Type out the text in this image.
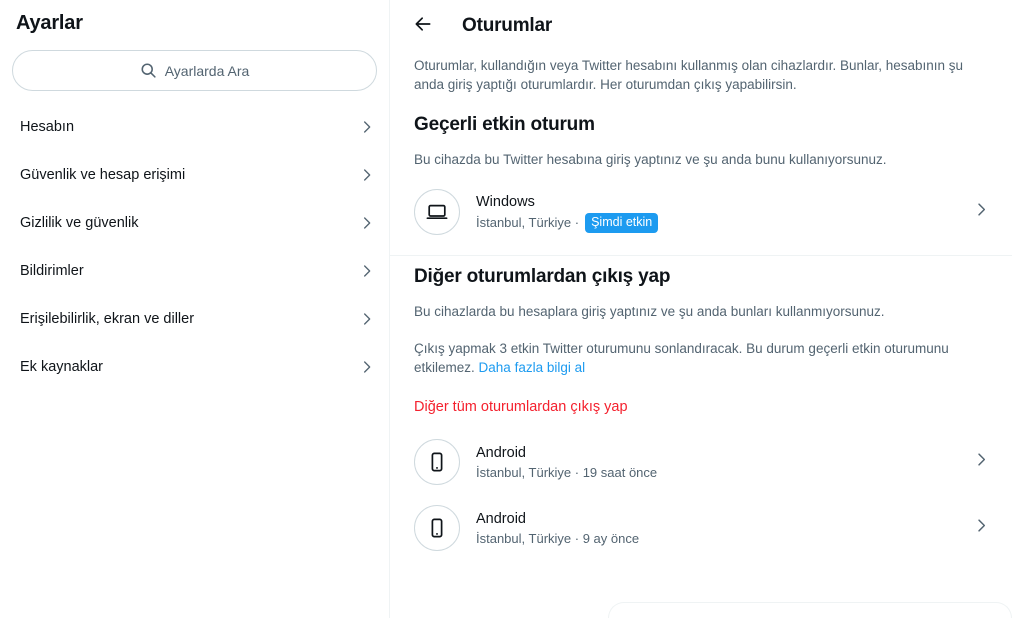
Ayarlar
Ayarlarda Ara
Hesabın
Güvenlik ve hesap erişimi
Gizlilik ve güvenlik
Bildirimler
Erişilebilirlik, ekran ve diller
Ek kaynaklar
Oturumlar
Oturumlar, kullandığın veya Twitter hesabını kullanmış olan cihazlardır. Bunlar, hesabının şu anda giriş yaptığı oturumlardır. Her oturumdan çıkış yapabilirsin.
Geçerli etkin oturum
Bu cihazda bu Twitter hesabına giriş yaptınız ve şu anda bunu kullanıyorsunuz.
Windows
İstanbul, Türkiye · Şimdi etkin
Diğer oturumlardan çıkış yap
Bu cihazlarda bu hesaplara giriş yaptınız ve şu anda bunları kullanmıyorsunuz.
Çıkış yapmak 3 etkin Twitter oturumunu sonlandıracak. Bu durum geçerli etkin oturumunu etkilemez. Daha fazla bilgi al
Diğer tüm oturumlardan çıkış yap
Android
İstanbul, Türkiye · 19 saat önce
Android
İstanbul, Türkiye · 9 ay önce
